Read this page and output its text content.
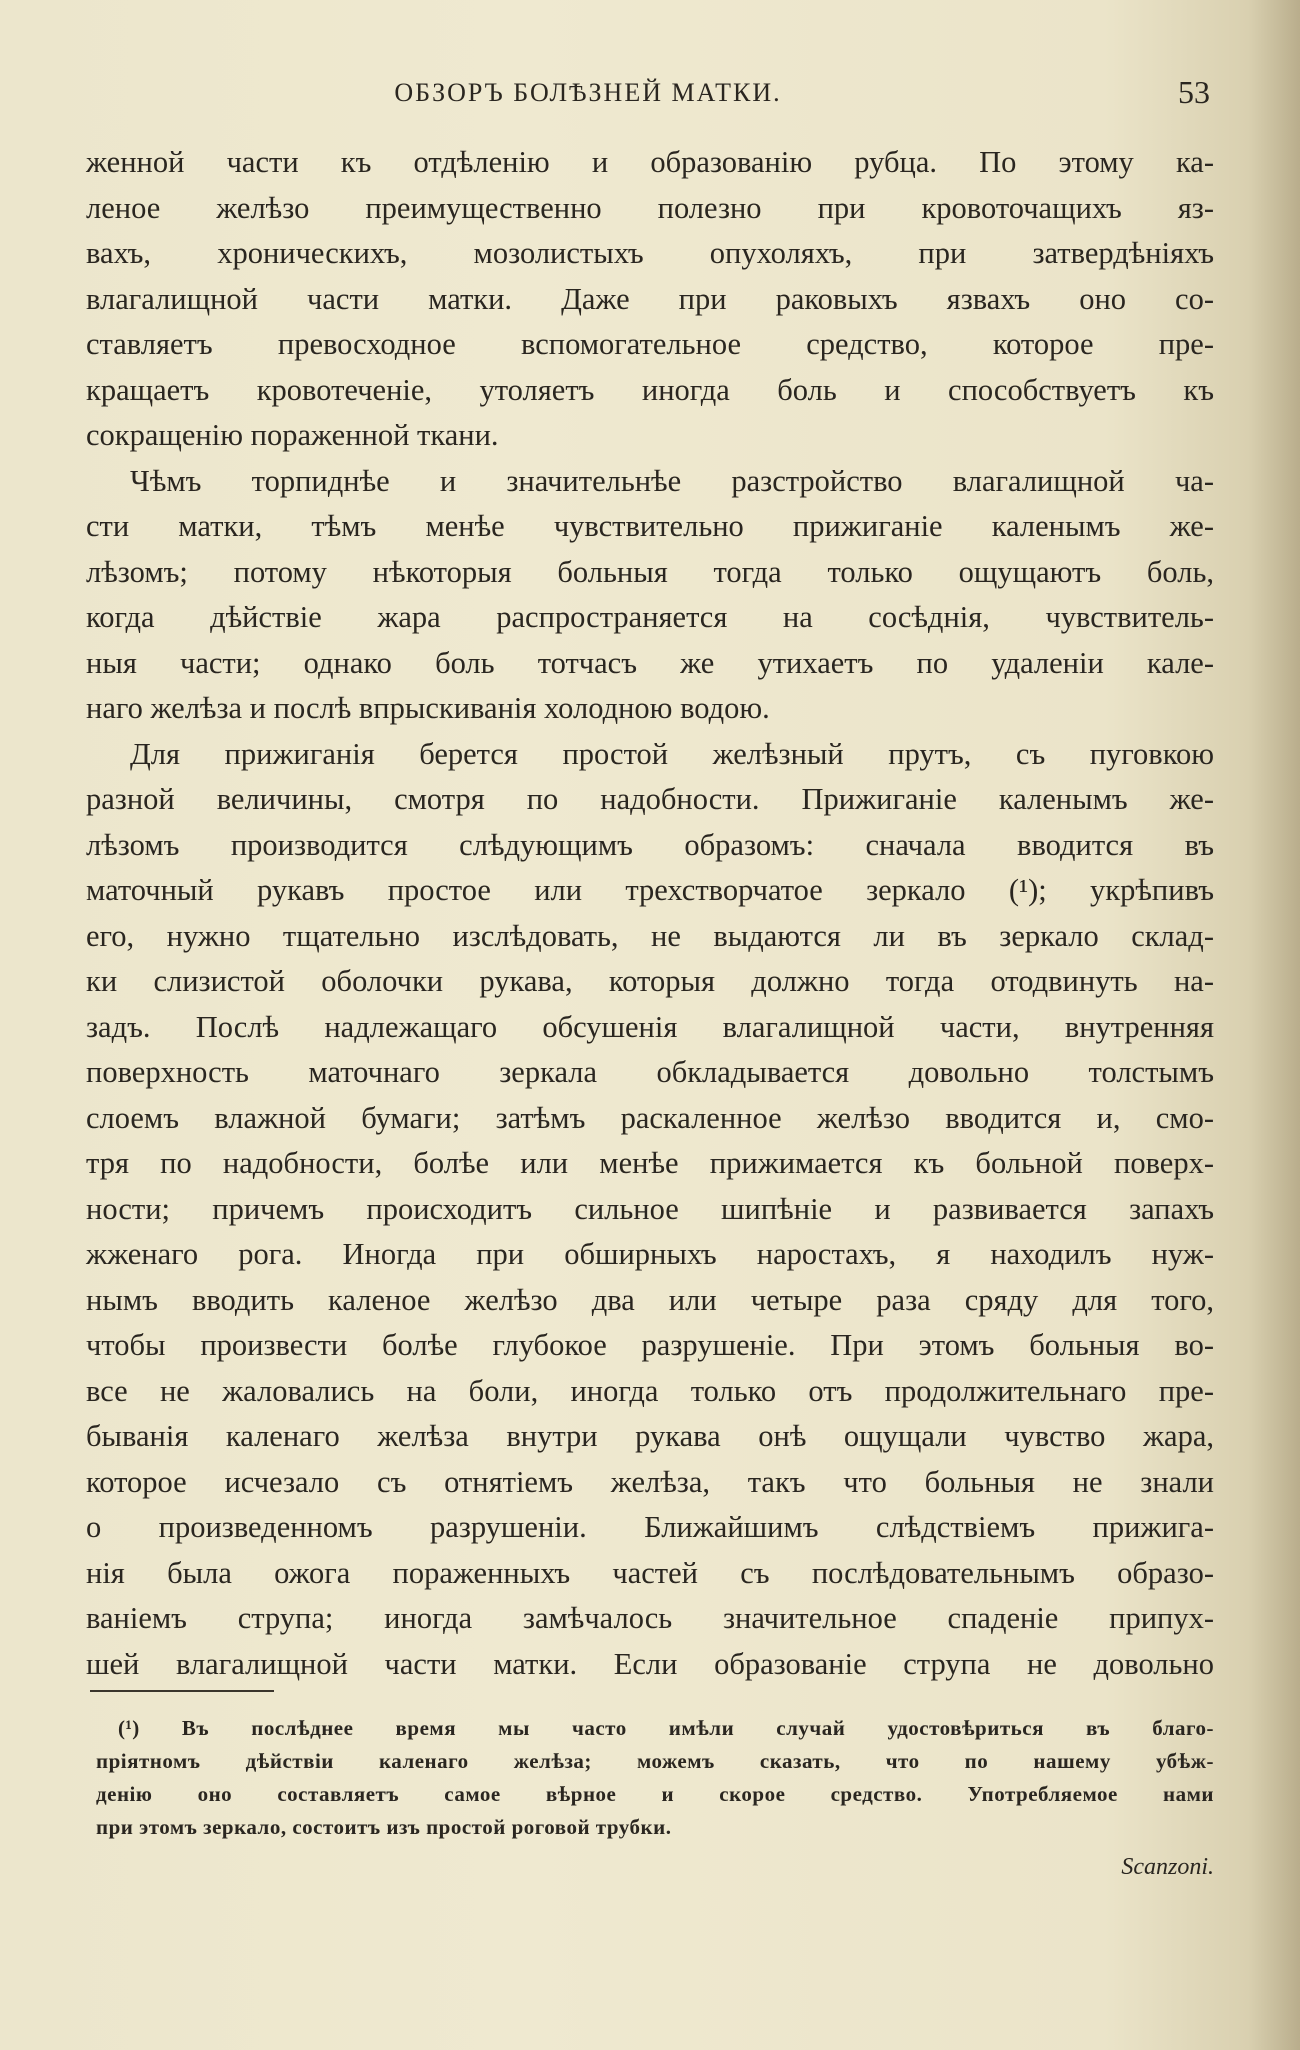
ОБЗОРЪ БОЛѢЗНЕЙ МАТКИ.	53
женной части къ отдѣленiю и образованiю рубца. По этому ка-
леное желѣзо преимущественно полезно при кровоточащихъ яз-
вахъ, хроническихъ, мозолистыхъ опухоляхъ, при затвердѣнiяхъ
влагалищной части матки. Даже при раковыхъ язвахъ оно со-
ставляетъ превосходное вспомогательное средство, которое пре-
кращаетъ кровотеченiе, утоляетъ иногда боль и способствуетъ къ
сокращенiю пораженной ткани.
Чѣмъ торпиднѣе и значительнѣе разстройство влагалищной ча-
сти матки, тѣмъ менѣе чувствительно прижиганiе каленымъ же-
лѣзомъ; потому нѣкоторыя больныя тогда только ощущаютъ боль,
когда дѣйствiе жара распространяется на сосѣднiя, чувствитель-
ныя части; однако боль тотчасъ же утихаетъ по удаленiи кале-
наго желѣза и послѣ впрыскиванiя холодною водою.
Для прижиганiя берется простой желѣзный прутъ, съ пуговкою
разной величины, смотря по надобности. Прижиганiе каленымъ же-
лѣзомъ производится слѣдующимъ образомъ: сначала вводится въ
маточный рукавъ простое или трехстворчатое зеркало (¹); укрѣпивъ
его, нужно тщательно изслѣдовать, не выдаются ли въ зеркало склад-
ки слизистой оболочки рукава, которыя должно тогда отодвинуть на-
задъ. Послѣ надлежащаго обсушенiя влагалищной части, внутренняя
поверхность маточнаго зеркала обкладывается довольно толстымъ
слоемъ влажной бумаги; затѣмъ раскаленное желѣзо вводится и, смо-
тря по надобности, болѣе или менѣе прижимается къ больной поверх-
ности; причемъ происходитъ сильное шипѣнiе и развивается запахъ
жженаго рога. Иногда при обширныхъ наростахъ, я находилъ нуж-
нымъ вводить каленое желѣзо два или четыре раза сряду для того,
чтобы произвести болѣе глубокое разрушенiе. При этомъ больныя во-
все не жаловались на боли, иногда только отъ продолжительнаго пре-
быванiя каленаго желѣза внутри рукава онѣ ощущали чувство жара,
которое исчезало съ отнятiемъ желѣза, такъ что больныя не знали
о произведенномъ разрушенiи. Ближайшимъ слѣдствiемъ прижига-
нiя была ожога пораженныхъ частей съ послѣдовательнымъ образо-
ванiемъ струпа; иногда замѣчалось значительное спаденiе припух-
шей влагалищной части матки. Если образованiе струпа не довольно
(¹) Въ послѣднее время мы часто имѣли случай удостовѣриться въ благо-
прiятномъ дѣйствiи каленаго желѣза; можемъ сказать, что по нашему убѣж-
денiю оно составляетъ самое вѣрное и скорое средство. Употребляемое нами
при этомъ зеркало, состоитъ изъ простой роговой трубки.
Scanzoni.
